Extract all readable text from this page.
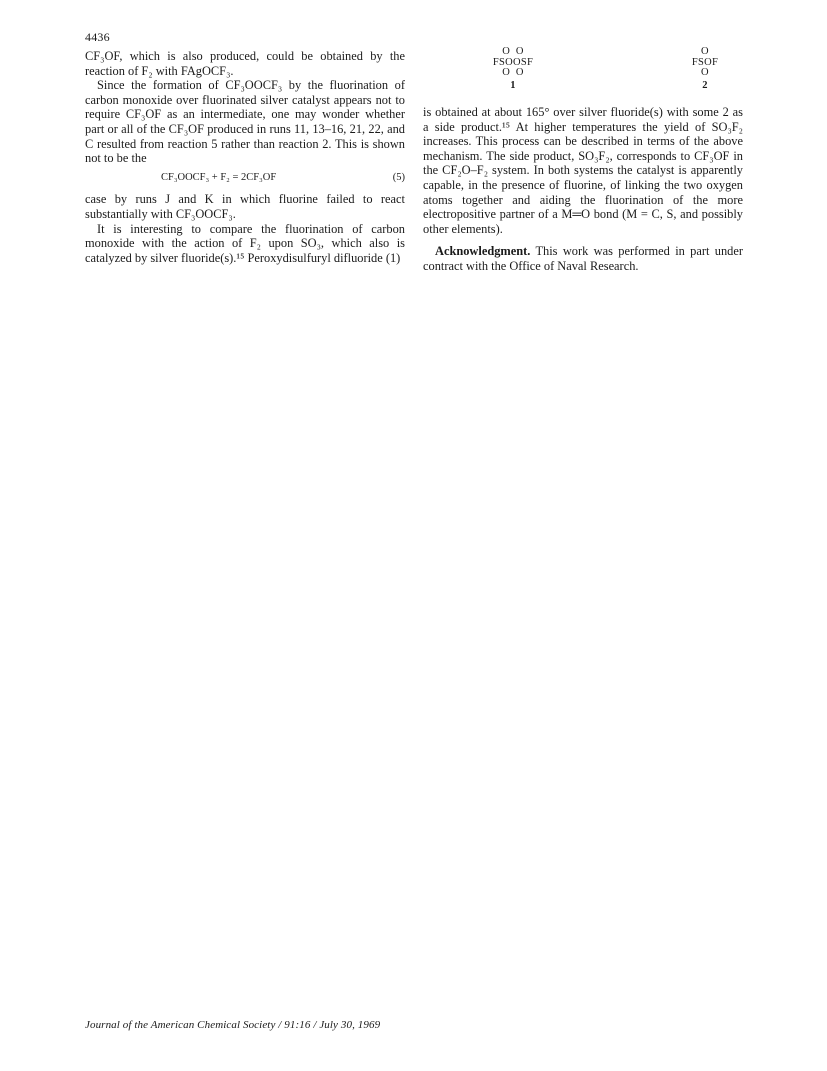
4436
O  O
FSOOSF
O  O
1
O
FSOF
O
2

CF₃OF, which is also produced, could be obtained by the reaction of F₂ with FAgOCF₃.

Since the formation of CF₃OOCF₃ by the fluorination of carbon monoxide over fluorinated silver catalyst appears not to require CF₃OF as an intermediate, one may wonder whether part or all of the CF₃OF produced in runs 11, 13–16, 21, 22, and C resulted from reaction 5 rather than reaction 2. This is shown not to be the

CF₃OOCF₃ + F₂ = 2CF₃OF	(5)

case by runs J and K in which fluorine failed to react substantially with CF₃OOCF₃.

It is interesting to compare the fluorination of carbon monoxide with the action of F₂ upon SO₃, which also is catalyzed by silver fluoride(s).¹⁵ Peroxydisulfuryl difluoride (1)

is obtained at about 165° over silver fluoride(s) with some 2 as a side product.¹⁵ At higher temperatures the yield of SO₃F₂ increases. This process can be described in terms of the above mechanism. The side product, SO₃F₂, corresponds to CF₃OF in the CF₂O–F₂ system. In both systems the catalyst is apparently capable, in the presence of fluorine, of linking the two oxygen atoms together and aiding the fluorination of the more electropositive partner of a M═O bond (M = C, S, and possibly other elements).

Acknowledgment. This work was performed in part under contract with the Office of Naval Research.

Journal of the American Chemical Society / 91:16 / July 30, 1969
